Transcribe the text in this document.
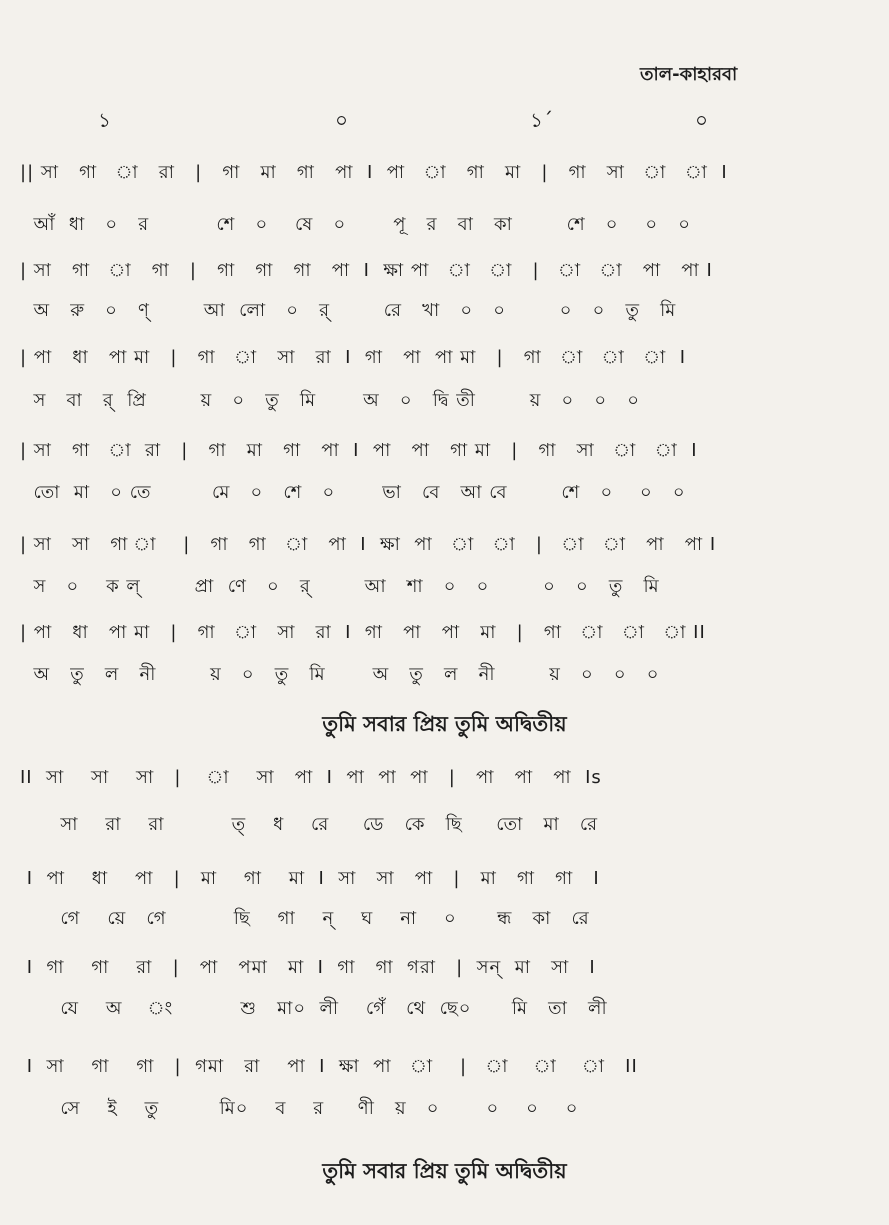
তাল-কাহারবা
১	০	১´	০
|| সা   গা   া   রা   |   গা   মা   গা   পা  I  পা   া   গা   মা   |   গা   সা   া   া  I
আঁ  ধা   ০   র          শে   ০    ষে   ০       পূ   র   বা   কা        শে   ০    ০   ০
| সা   গা   া   গা   |   গা   গা   গা   পা  I  ক্ষা পা   া   া   |   া   া   পা   পা I
অ   রু   ০   ণ্        আ  লো   ০   র্        রে   খা   ০   ০        ০   ০   তু   মি
| পা   ধা   পা মা   |   গা   া   সা   রা  I  গা   পা  পা মা   |   গা   া   া   া  I
স   বা   র্  প্রি        য়   ০   তু   মি       অ   ০   দ্বি তী        য়   ০   ০   ০
| সা   গা   া  রা   |   গা   মা   গা   পা  I  পা   পা   গা মা   |   গা   সা   া   া  I
তো  মা   ০ তে         মে   ০   শে   ০       ভা   বে   আ বে        শে   ০    ০   ০
| সা   সা   গা া    |   গা   গা   া   পা  I  ক্ষা  পা   া   া   |   া   া   পা   পা I
স   ০    ক ল্        প্রা  ণে   ০   র্        আ   শা   ০   ০        ০   ০   তু   মি
| পা   ধা   পা মা   |   গা   া   সা   রা  I  গা   পা   পা   মা   |   গা   া   া   া II
অ   তু   ল   নী        য়   ০   তু   মি       অ   তু   ল   নী        য়   ০   ০   ০
তুমি সবার প্রিয় তুমি অদ্বিতীয়
II  সা    সা    সা   |    া    সা   পা  I  পা  পা  পা   |   পা   পা   পা  Is
সা    রা    রা          ত্    ধ    রে     ডে   কে   ছি     তো   মা   রে
I  পা    ধা    পা   |   মা    গা    মা  I  সা   সা   পা   |   মা   গা   গা   I
গে    য়ে   গে          ছি    গা    ন্    ঘ    না    ০      ন্ধ   কা   রে
I  গা    গা    রা   |   পা   পমা   মা  I  গা   গা  গরা   |  সন্  মা   সা   I
যে    অ    ং          শু   মা০  লী    গেঁ   থে  ছে০      মি   তা   লী
I  সা    গা    গা   |  গমা   রা    পা  I  ক্ষা  পা   া    |   া    া    া   II
সে    ই    তু         মি০    ব    র     ণী   য়   ০       ০    ০    ০
তুমি সবার প্রিয় তুমি অদ্বিতীয়
